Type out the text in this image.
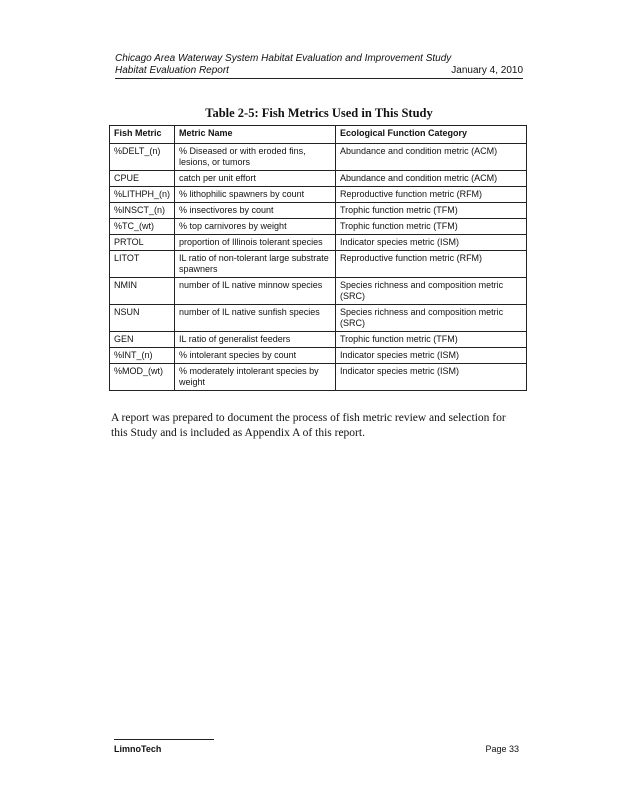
Chicago Area Waterway System Habitat Evaluation and Improvement Study
Habitat Evaluation Report	January 4, 2010
Table 2-5: Fish Metrics Used in This Study
Fish Metric	Metric Name	Ecological Function Category
%DELT_(n)	% Diseased or with eroded fins, lesions, or tumors	Abundance and condition metric (ACM)
CPUE	catch per unit effort	Abundance and condition metric (ACM)
%LITHPH_(n)	% lithophilic spawners by count	Reproductive function metric (RFM)
%INSCT_(n)	% insectivores by count	Trophic function metric (TFM)
%TC_(wt)	% top carnivores by weight	Trophic function metric (TFM)
PRTOL	proportion of Illinois tolerant species	Indicator species metric (ISM)
LITOT	IL ratio of non-tolerant large substrate spawners	Reproductive function metric (RFM)
NMIN	number of IL native minnow species	Species richness and composition metric (SRC)
NSUN	number of IL native sunfish species	Species richness and composition metric (SRC)
GEN	IL ratio of generalist feeders	Trophic function metric (TFM)
%INT_(n)	% intolerant species by count	Indicator species metric (ISM)
%MOD_(wt)	% moderately intolerant species by weight	Indicator species metric (ISM)
A report was prepared to document the process of fish metric review and selection for this Study and is included as Appendix A of this report.
LimnoTech	Page 33
